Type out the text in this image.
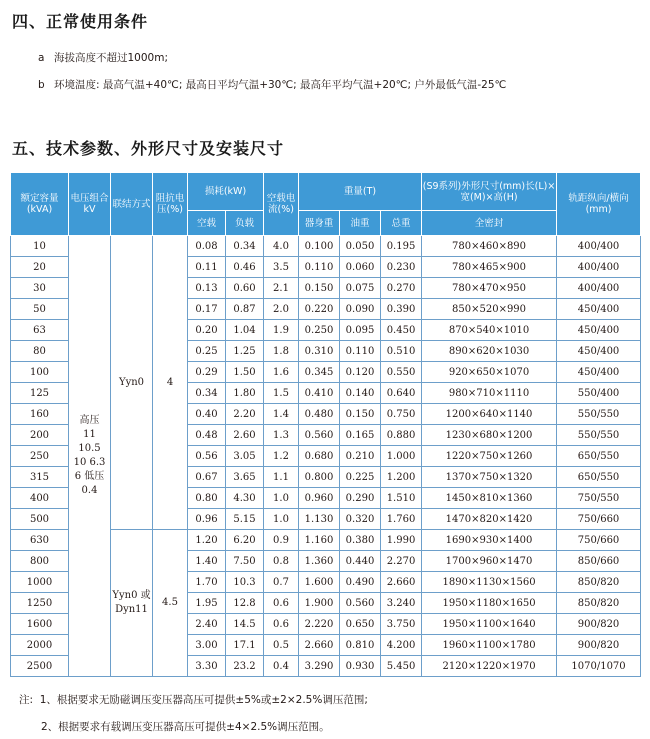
四、正常使用条件
a 海拔高度不超过1000m;
b 环境温度: 最高气温+40℃; 最高日平均气温+30℃; 最高年平均气温+20℃; 户外最低气温-25℃
五、技术参数、外形尺寸及安装尺寸
额定容量(kVA)	电压组合kV	联结方式	阻抗电压(%)	损耗(kW)		空载电流(%)	重量(T)			(S9系列)外形尺寸(mm)长(L)×宽(M)×高(H)	轨距纵向/横向(mm)
				空载	负载		器身重	油重	总重	全密封	
10	高压 11 10.5 10 6.3 6 低压 0.4	Yyn0	4	0.08	0.34	4.0	0.100	0.050	0.195	780×460×890	400/400
20				0.11	0.46	3.5	0.110	0.060	0.230	780×465×900	400/400
30				0.13	0.60	2.1	0.150	0.075	0.270	780×470×950	400/400
50				0.17	0.87	2.0	0.220	0.090	0.390	850×520×990	450/400
63				0.20	1.04	1.9	0.250	0.095	0.450	870×540×1010	450/400
80				0.25	1.25	1.8	0.310	0.110	0.510	890×620×1030	450/400
100				0.29	1.50	1.6	0.345	0.120	0.550	920×650×1070	450/400
125				0.34	1.80	1.5	0.410	0.140	0.640	980×710×1110	550/400
160				0.40	2.20	1.4	0.480	0.150	0.750	1200×640×1140	550/550
200				0.48	2.60	1.3	0.560	0.165	0.880	1230×680×1200	550/550
250				0.56	3.05	1.2	0.680	0.210	1.000	1220×750×1260	650/550
315				0.67	3.65	1.1	0.800	0.225	1.200	1370×750×1320	650/550
400				0.80	4.30	1.0	0.960	0.290	1.510	1450×810×1360	750/550
500				0.96	5.15	1.0	1.130	0.320	1.760	1470×820×1420	750/660
630		Yyn0 或 Dyn11	4.5	1.20	6.20	0.9	1.160	0.380	1.990	1690×930×1400	750/660
800				1.40	7.50	0.8	1.360	0.440	2.270	1700×960×1470	850/660
1000				1.70	10.3	0.7	1.600	0.490	2.660	1890×1130×1560	850/820
1250				1.95	12.8	0.6	1.900	0.560	3.240	1950×1180×1650	850/820
1600				2.40	14.5	0.6	2.220	0.650	3.750	1950×1100×1640	900/820
2000				3.00	17.1	0.5	2.660	0.810	4.200	1960×1100×1780	900/820
2500				3.30	23.2	0.4	3.290	0.930	5.450	2120×1220×1970	1070/1070
注: 1、根据要求无励磁调压变压器高压可提供±5%或±2×2.5%调压范围;
2、根据要求有载调压变压器高压可提供±4×2.5%调压范围。
